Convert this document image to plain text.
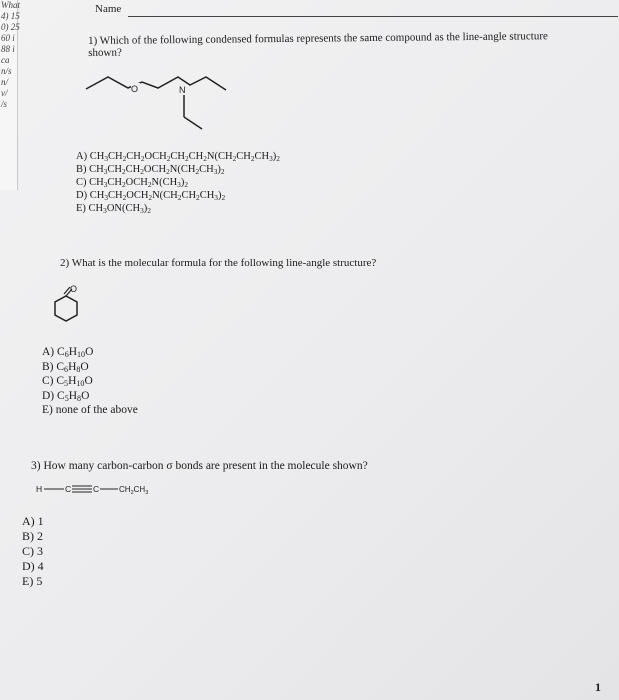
What
4) 15
0) 25
60 i
88 i
ca
n/s
n/
v/
/s
Name
1) Which of the following condensed formulas represents the same compound as the line-angle structure shown?
O	N
A) $CH_3CH_2CH_2OCH_2CH_2CH_2N(CH_2CH_2CH_3)_2$
B) $CH_3CH_2CH_2OCH_2N(CH_2CH_3)_2$
C) $CH_3CH_2OCH_2N(CH_3)_2$
D) $CH_3CH_2OCH_2N(CH_2CH_2CH_3)_2$
E) $CH_3ON(CH_3)_2$
2) What is the molecular formula for the following line-angle structure?
O
A) $C_6H_{10}O$
B) $C_6H_8O$
C) $C_5H_{10}O$
D) $C_5H_8O$
E) none of the above
3) How many carbon-carbon σ bonds are present in the molecule shown?
H	C	C $CH_2CH_3$
A) 1
B) 2
C) 3
D) 4
E) 5
1
